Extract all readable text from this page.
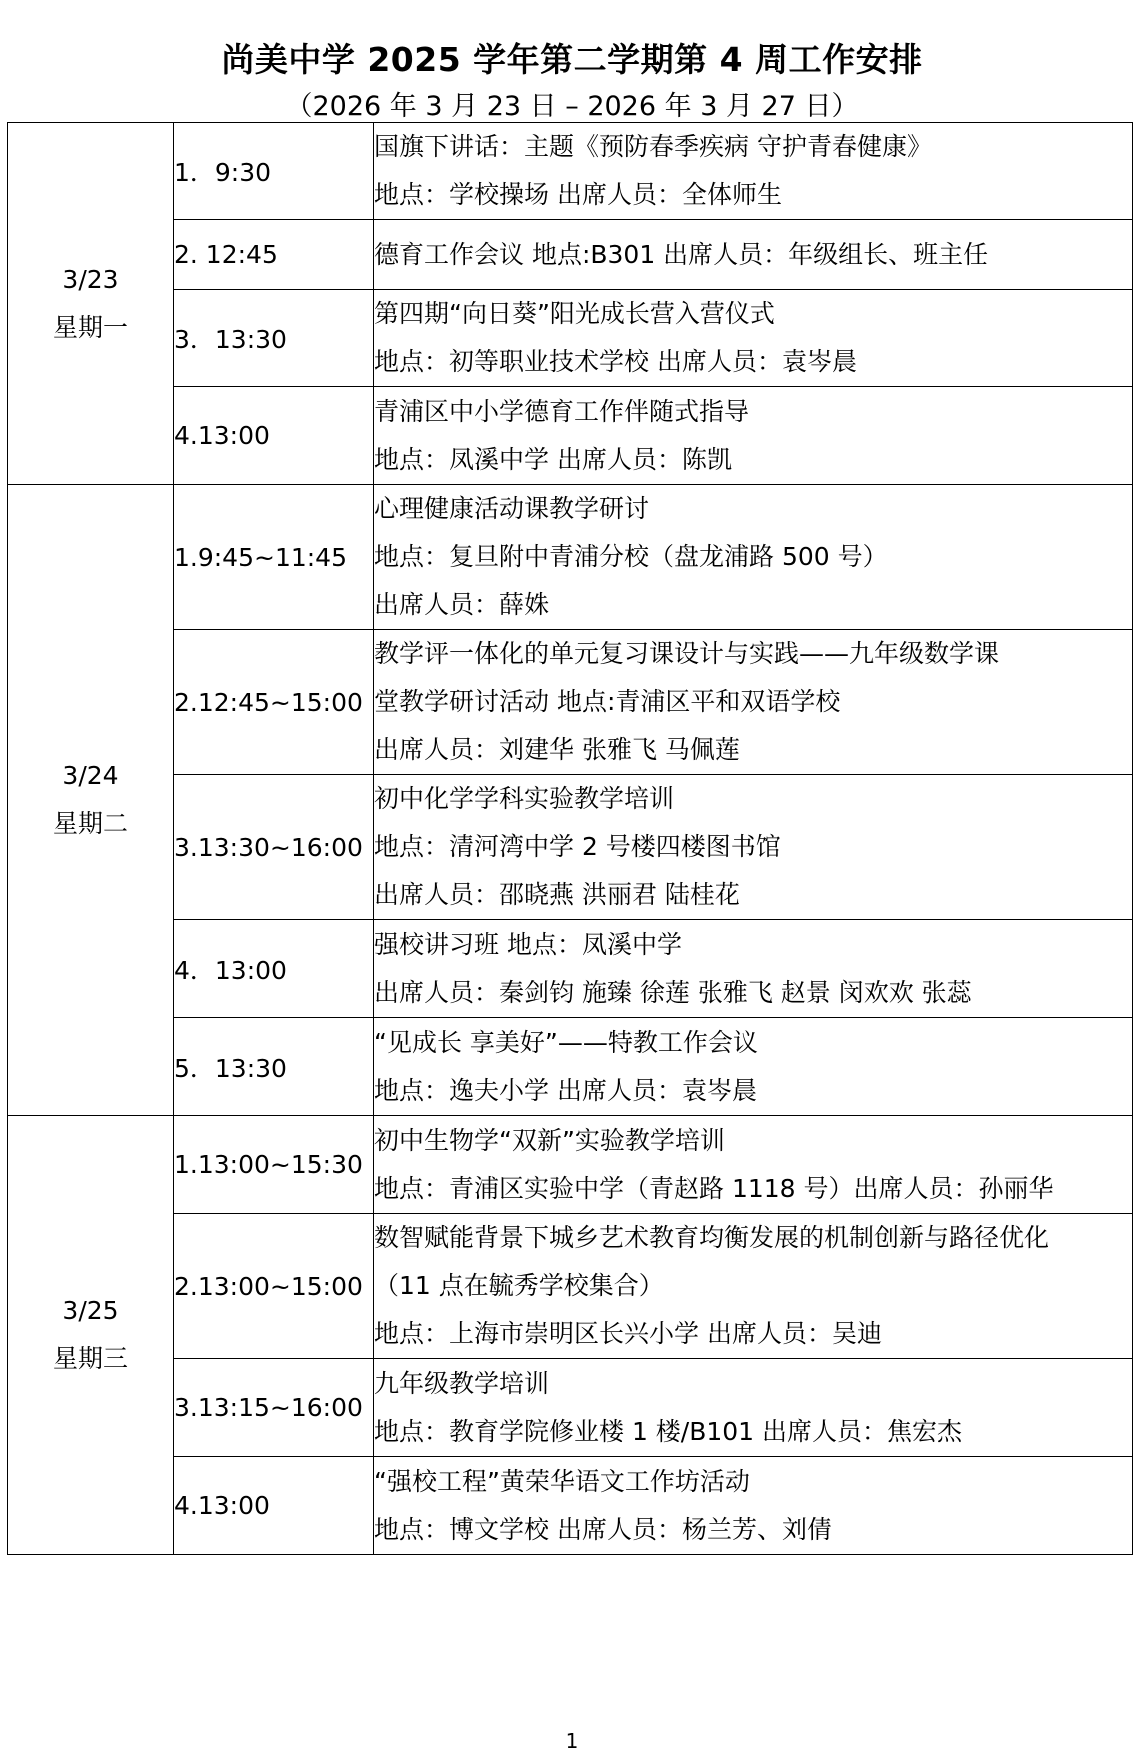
尚美中学 2025 学年第二学期第 4 周工作安排

（2026 年 3 月 23 日 – 2026 年 3 月 27 日）

3/23
星期一	1．9:30	国旗下讲话：主题《预防春季疾病 守护青春健康》
地点：学校操场 出席人员：全体师生

	2. 12:45	德育工作会议 地点:B301 出席人员：年级组长、班主任

	3．13:30	第四期“向日葵”阳光成长营入营仪式
地点：初等职业技术学校 出席人员：袁岑晨

	4.13:00	青浦区中小学德育工作伴随式指导
地点：凤溪中学 出席人员：陈凯

3/24
星期二	1.9:45~11:45	心理健康活动课教学研讨
地点：复旦附中青浦分校（盘龙浦路 500 号）
出席人员：薛姝

	2.12:45~15:00	教学评一体化的单元复习课设计与实践——九年级数学课
堂教学研讨活动 地点:青浦区平和双语学校
出席人员：刘建华 张雅飞 马佩莲

	3.13:30~16:00	初中化学学科实验教学培训
地点：清河湾中学 2 号楼四楼图书馆
出席人员：邵晓燕 洪丽君 陆桂花

	4．13:00	强校讲习班 地点：凤溪中学
出席人员：秦剑钧 施臻 徐莲 张雅飞 赵景 闵欢欢 张蕊

	5．13:30	“见成长 享美好”——特教工作会议
地点：逸夫小学 出席人员：袁岑晨

3/25
星期三	1.13:00~15:30	初中生物学“双新”实验教学培训
地点：青浦区实验中学（青赵路 1118 号）出席人员：孙丽华

	2.13:00~15:00	数智赋能背景下城乡艺术教育均衡发展的机制创新与路径优化
（11 点在毓秀学校集合）
地点：上海市崇明区长兴小学 出席人员：吴迪

	3.13:15~16:00	九年级教学培训
地点：教育学院修业楼 1 楼/B101 出席人员：焦宏杰

	4.13:00	“强校工程”黄荣华语文工作坊活动
地点：博文学校 出席人员：杨兰芳、刘倩
1
